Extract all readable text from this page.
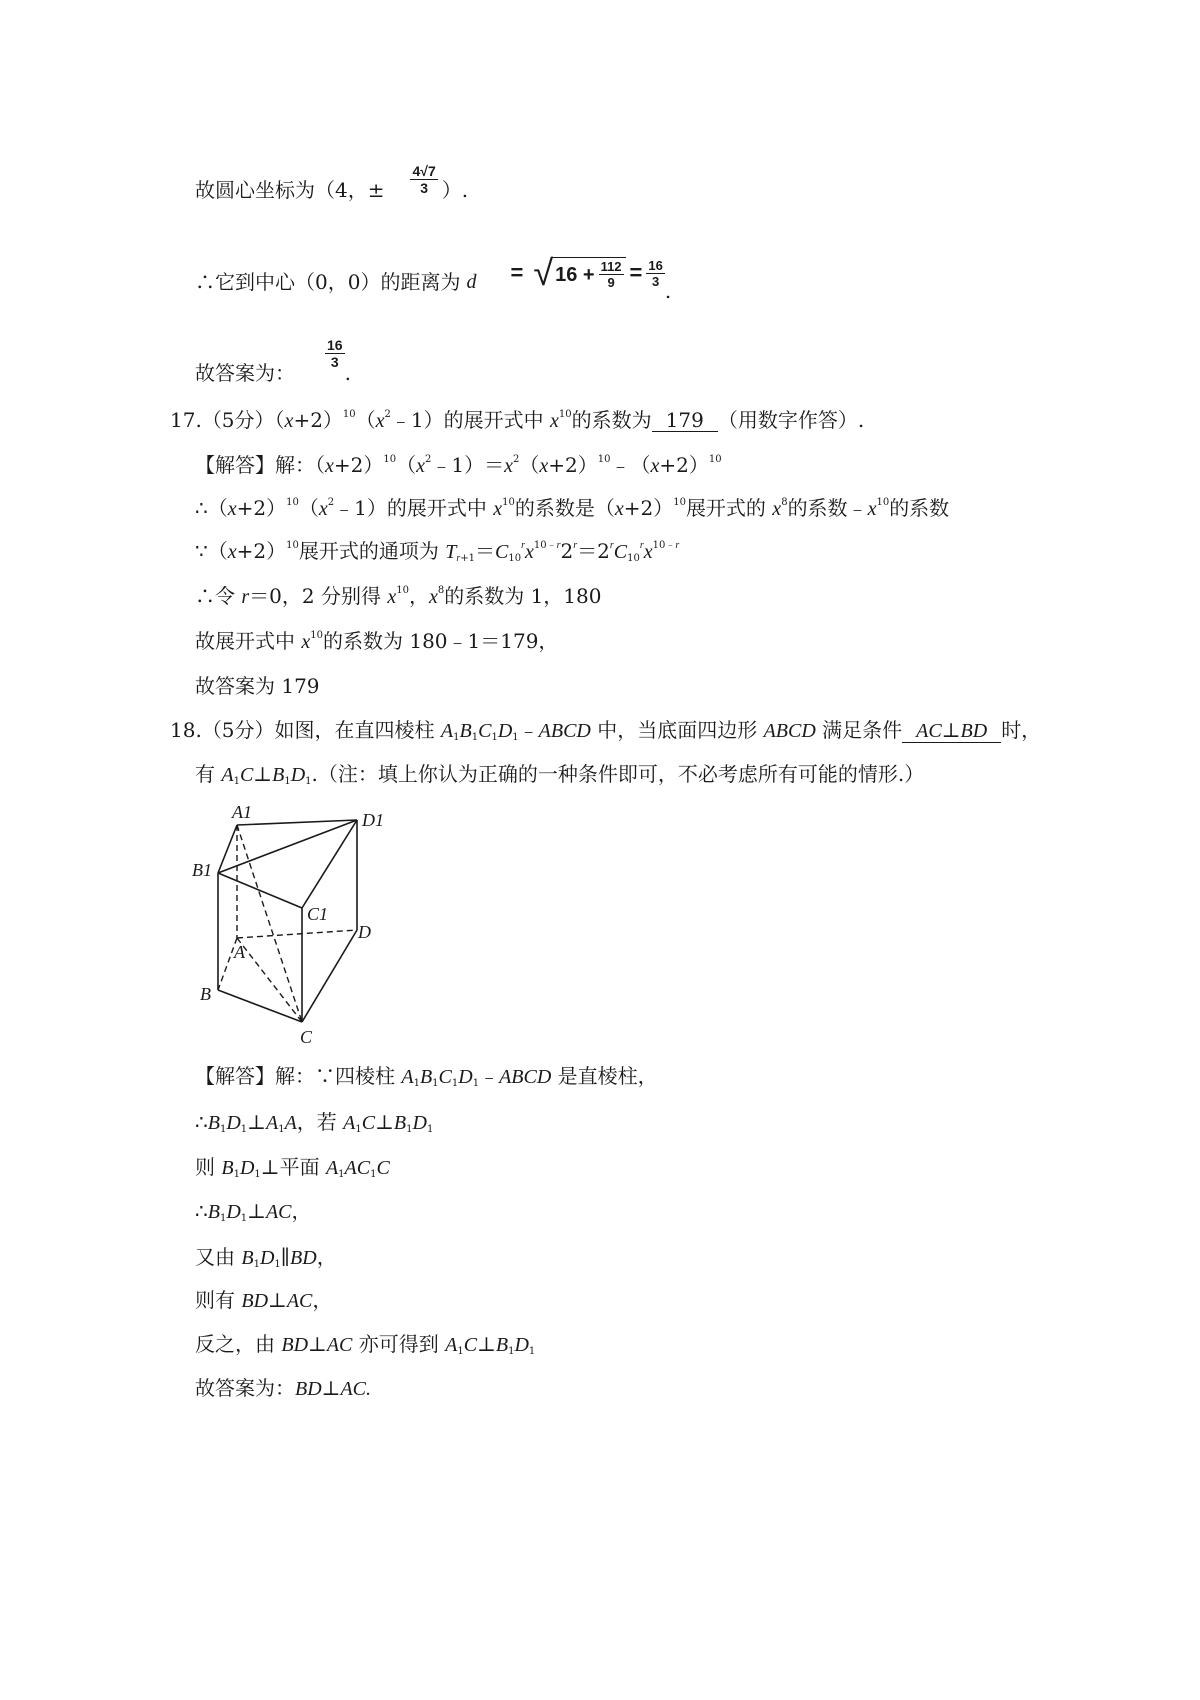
故圆心坐标为（4，± $\frac{4√7}{3}$ ）.
∴它到中心（0，0）的距离为 d = √ $16 + \frac{112}{9} = \frac{16}{3}$
.
故答案为：
$\frac{16}{3}$
.
17.（5分）$(x+2)^{10}(x^2﹣1)$的展开式中 $x^{10}$的系数为 179 （用数字作答）.
【解答】解：$(x+2)^{10}(x^2﹣1)=x^2(x+2)^{10}﹣(x+2)^{10}$
$\therefore(x+2)^{10}(x^2﹣1)$的展开式中 $x^{10}$的系数是$(x+2)^{10}$展开式的 $x^8$的系数$﹣x^{10}$的系数
$\because(x+2)^{10}$展开式的通项为 $T_{r+1}=C_{10}^rx^{10﹣r}2^r=2^rC_{10}^rx^{10﹣r}$
∴令 r＝0，2 分别得 $x^{10}$，$x^8$的系数为 1，180
故展开式中 $x^{10}$的系数为 180﹣1＝179，
故答案为 179
18.（5分）如图，在直四棱柱 $A_1B_1C_1D_1﹣ABCD$ 中，当底面四边形 ABCD 满足条件 AC⊥BD 时，
有 $A_1C\perp B_1D_1$.（注：填上你认为正确的一种条件即可，不必考虑所有可能的情形.）
A1	D1
B1
C1
D
A
B
C
【解答】解：∵四棱柱 $A_1B_1C_1D_1﹣ABCD$ 是直棱柱，
$\therefore B_1D_1\perp A_1A$，若 $A_1C\perp B_1D_1$
则 $B_1D_1\perp$平面 $A_1AC_1C$
$\therefore B_1D_1\perp AC$，
又由 $B_1D_1\parallel BD$，
则有 BD⊥AC，
反之，由 BD⊥AC 亦可得到 $A_1C\perp B_1D_1$
故答案为：BD⊥AC.
